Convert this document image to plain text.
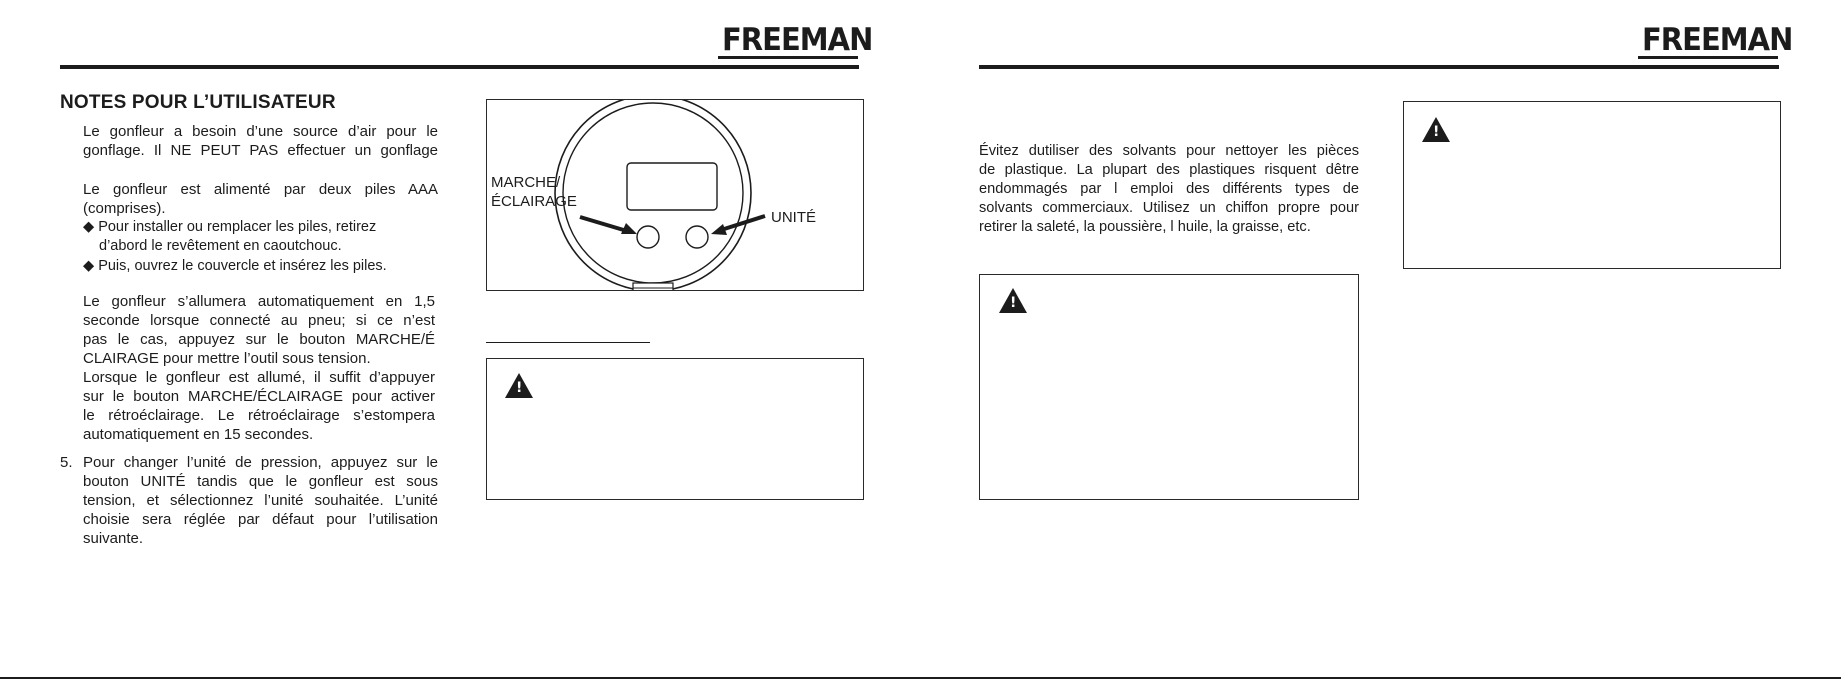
FREEMAN
NOTES POUR L’UTILISATEUR

Le gonfleur a besoin d’une source d’air pour le
gonflage. Il NE PEUT PAS effectuer un gonflage

Le gonfleur est alimenté par deux piles AAA
(comprises).

◆ Pour installer ou remplacer les piles, retirez
d’abord le revêtement en caoutchouc.
◆ Puis, ouvrez le couvercle et insérez les piles.
Le gonfleur s’allumera automatiquement en 1,5
seconde lorsque connecté au pneu; si ce n’est
pas le cas, appuyez sur le bouton MARCHE/É
CLAIRAGE pour mettre l’outil sous tension.
Lorsque le gonfleur est allumé, il suffit d’appuyer
sur le bouton MARCHE/ÉCLAIRAGE pour activer
le rétroéclairage. Le rétroéclairage s’estompera
automatiquement en 15 secondes.
5. Pour changer l’unité de pression, appuyez sur le
bouton UNITÉ tandis que le gonfleur est sous
tension, et sélectionnez l’unité souhaitée. L’unité
choisie sera réglée par défaut pour l’utilisation
suivante.
MARCHE/
ÉCLAIRAGE
UNITÉ
!
FREEMAN
Évitez dutiliser des solvants pour nettoyer les pièces
de plastique. La plupart des plastiques risquent dêtre
endommagés par l emploi des différents types de
solvants commerciaux. Utilisez un chiffon propre pour
retirer la saleté, la poussière, l huile, la graisse, etc.
!
!
